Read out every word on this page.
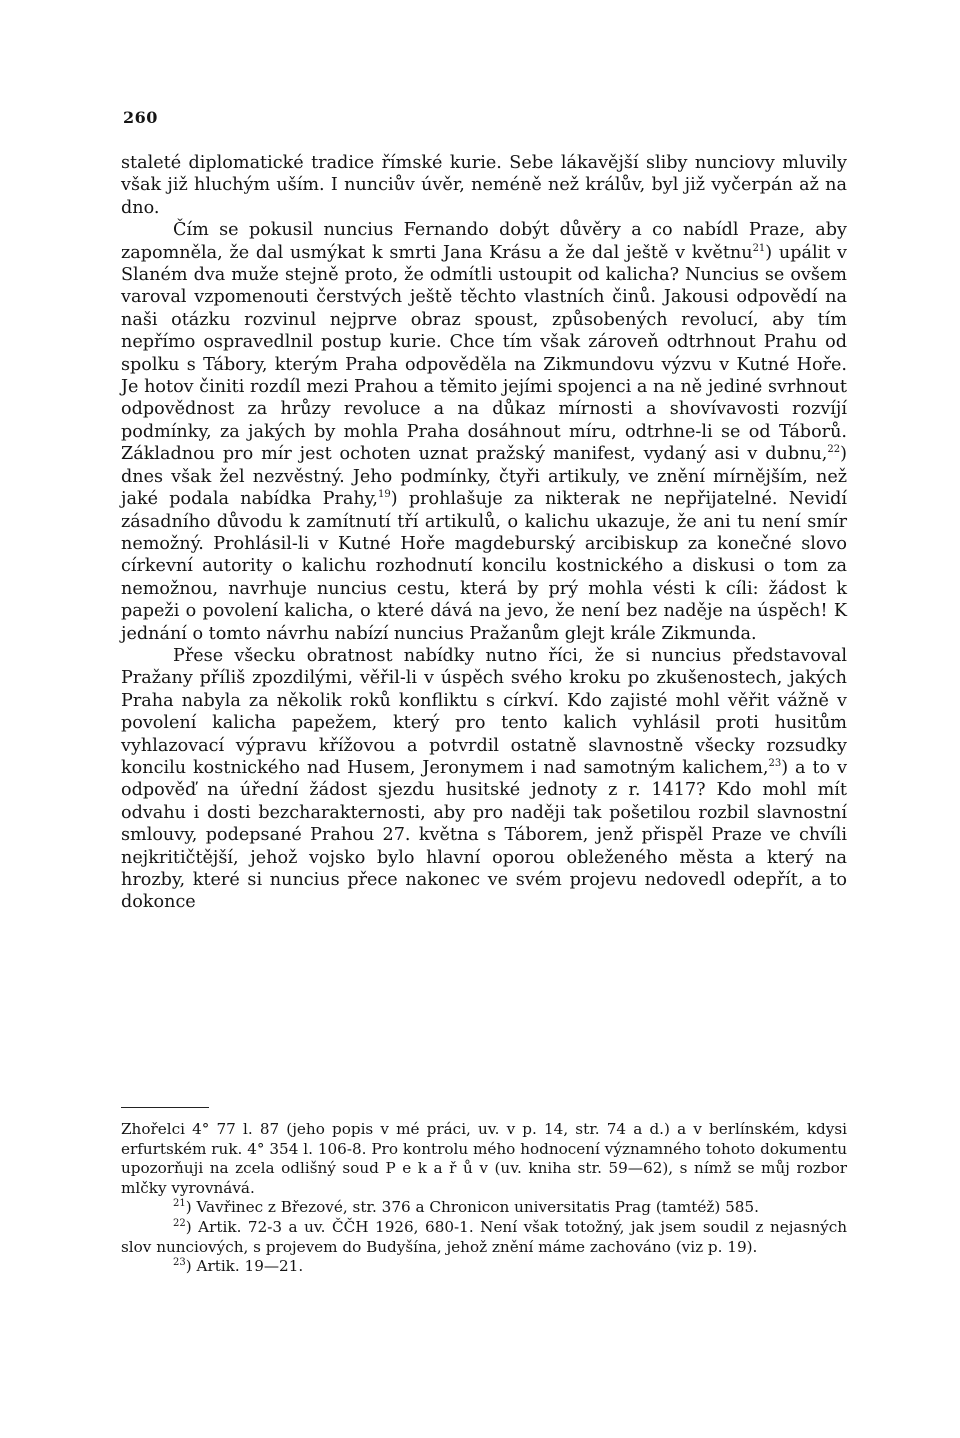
260

staleté diplomatické tradice římské kurie. Sebe lákavější sliby nunciovy mluvily však již hluchým uším. I nunciův úvěr, neméně než králův, byl již vyčerpán až na dno.

Čím se pokusil nuncius Fernando dobýt důvěry a co nabídl Praze, aby zapomněla, že dal usmýkat k smrti Jana Krásu a že dal ještě v květnu$^{21}$) upálit v Slaném dva muže stejně proto, že odmítli ustoupit od kalicha? Nuncius se ovšem varoval vzpomenouti čerstvých ještě těchto vlastních činů. Jakousi odpovědí na naši otázku rozvinul nejprve obraz spoust, způsobených revolucí, aby tím nepřímo ospravedlnil postup kurie. Chce tím však zároveň odtrhnout Prahu od spolku s Tábory, kterým Praha odpověděla na Zikmundovu výzvu v Kutné Hoře. Je hotov činiti rozdíl mezi Prahou a těmito jejími spojenci a na ně jediné svrhnout odpovědnost za hrůzy revoluce a na důkaz mírnosti a shovívavosti rozvíjí podmínky, za jakých by mohla Praha dosáhnout míru, odtrhne-li se od Táborů. Základnou pro mír jest ochoten uznat pražský manifest, vydaný asi v dubnu,$^{22}$) dnes však žel nezvěstný. Jeho podmínky, čtyři artikuly, ve znění mírnějším, než jaké podala nabídka Prahy,$^{19}$) prohlašuje za nikterak ne nepřijatelné. Nevidí zásadního důvodu k zamítnutí tří artikulů, o kalichu ukazuje, že ani tu není smír nemožný. Prohlásil-li v Kutné Hoře magdeburský arcibiskup za konečné slovo církevní autority o kalichu rozhodnutí koncilu kostnického a diskusi o tom za nemožnou, navrhuje nuncius cestu, která by prý mohla vésti k cíli: žádost k papeži o povolení kalicha, o které dává na jevo, že není bez naděje na úspěch! K jednání o tomto návrhu nabízí nuncius Pražanům glejt krále Zikmunda.

Přese všecku obratnost nabídky nutno říci, že si nuncius představoval Pražany příliš zpozdilými, věřil-li v úspěch svého kroku po zkušenostech, jakých Praha nabyla za několik roků konfliktu s církví. Kdo zajisté mohl věřit vážně v povolení kalicha papežem, který pro tento kalich vyhlásil proti husitům vyhlazovací výpravu křížovou a potvrdil ostatně slavnostně všecky rozsudky koncilu kostnického nad Husem, Jeronymem i nad samotným kalichem,$^{23}$) a to v odpověď na úřední žádost sjezdu husitské jednoty z r. 1417? Kdo mohl mít odvahu i dosti bezcharakternosti, aby pro naději tak pošetilou rozbil slavnostní smlouvy, podepsané Prahou 27. května s Táborem, jenž přispěl Praze ve chvíli nejkritičtější, jehož vojsko bylo hlavní oporou obleženého města a který na hrozby, které si nuncius přece nakonec ve svém projevu nedovedl odepřít, a to dokonce

Zhořelci 4° 77 l. 87 (jeho popis v mé práci, uv. v p. 14, str. 74 a d.) a v berlínském, kdysi erfurtském ruk. 4° 354 l. 106-8. Pro kontrolu mého hodnocení významného tohoto dokumentu upozorňuji na zcela odlišný soud P e k a ř ů v (uv. kniha str. 59—62), s nímž se můj rozbor mlčky vyrovnává.

$^{21}$) Vavřinec z Březové, str. 376 a Chronicon universitatis Prag (tamtéž) 585.

$^{22}$) Artik. 72-3 a uv. ČČH 1926, 680-1. Není však totožný, jak jsem soudil z nejasných slov nunciových, s projevem do Budyšína, jehož znění máme zachováno (viz p. 19).

$^{23}$) Artik. 19—21.
